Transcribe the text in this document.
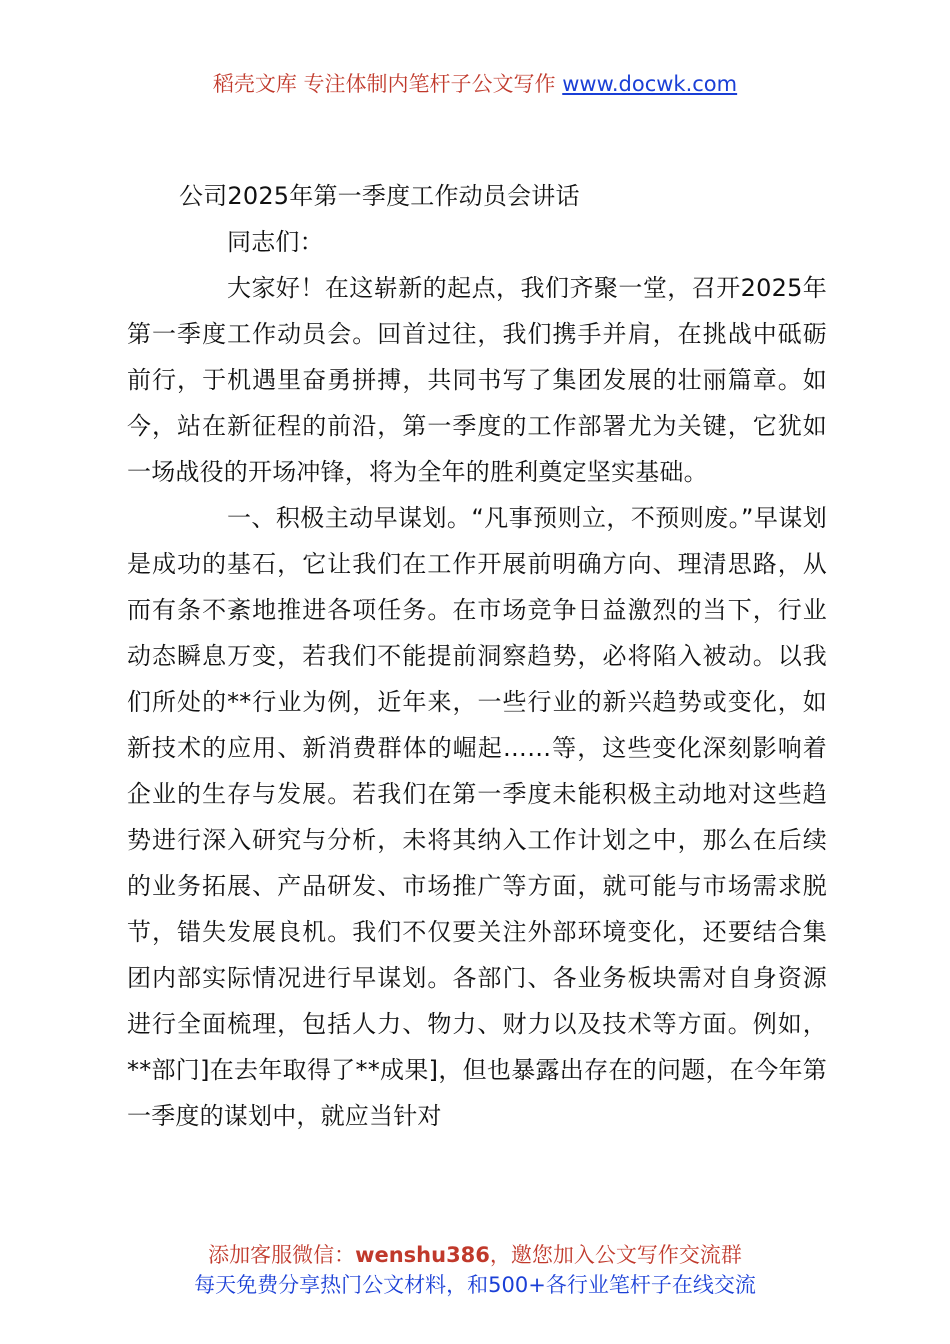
稻壳文库 专注体制内笔杆子公文写作 www.docwk.com

公司2025年第一季度工作动员会讲话

同志们：

大家好！在这崭新的起点，我们齐聚一堂，召开2025年第一季度工作动员会。回首过往，我们携手并肩，在挑战中砥砺前行，于机遇里奋勇拼搏，共同书写了集团发展的壮丽篇章。如今，站在新征程的前沿，第一季度的工作部署尤为关键，它犹如一场战役的开场冲锋，将为全年的胜利奠定坚实基础。

一、积极主动早谋划。“凡事预则立，不预则废。”早谋划是成功的基石，它让我们在工作开展前明确方向、理清思路，从而有条不紊地推进各项任务。在市场竞争日益激烈的当下，行业动态瞬息万变，若我们不能提前洞察趋势，必将陷入被动。以我们所处的**行业为例，近年来，一些行业的新兴趋势或变化，如新技术的应用、新消费群体的崛起……等，这些变化深刻影响着企业的生存与发展。若我们在第一季度未能积极主动地对这些趋势进行深入研究与分析，未将其纳入工作计划之中，那么在后续的业务拓展、产品研发、市场推广等方面，就可能与市场需求脱节，错失发展良机。我们不仅要关注外部环境变化，还要结合集团内部实际情况进行早谋划。各部门、各业务板块需对自身资源进行全面梳理，包括人力、物力、财力以及技术等方面。例如，**部门]在去年取得了**成果]，但也暴露出存在的问题，在今年第一季度的谋划中，就应当针对

添加客服微信：wenshu386，邀您加入公文写作交流群
每天免费分享热门公文材料，和500+各行业笔杆子在线交流
